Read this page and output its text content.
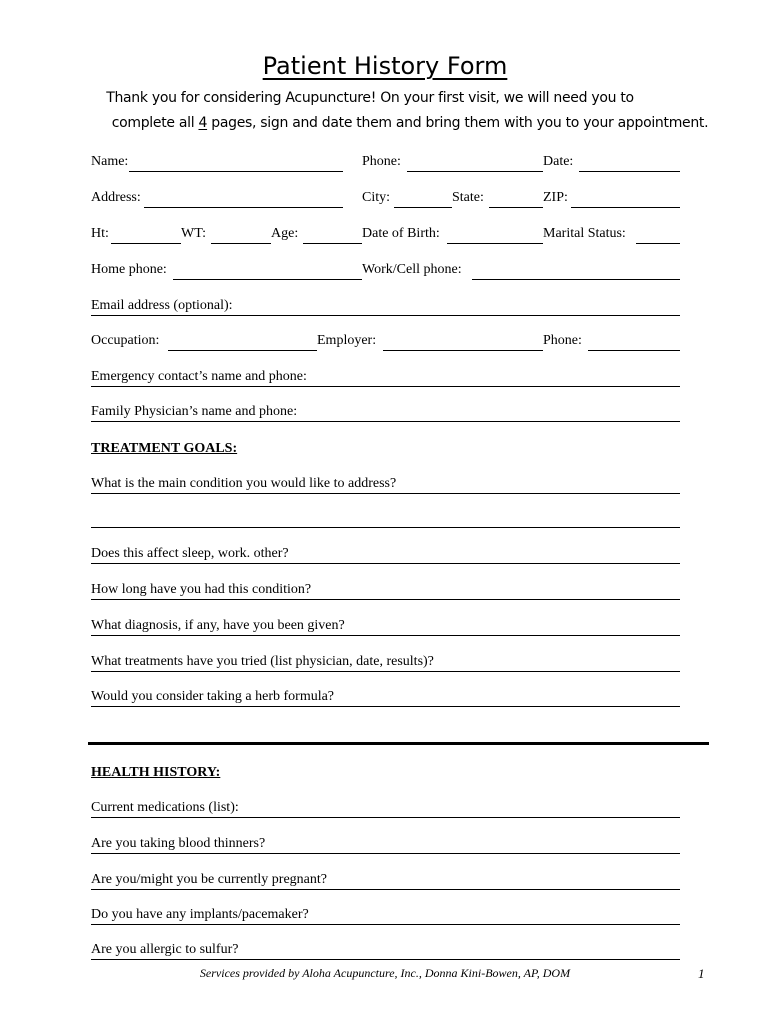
Patient History Form
Thank you for considering Acupuncture! On your first visit, we will need you to
complete all 4 pages, sign and date them and bring them with you to your appointment.
Name:	Phone:	Date:
Address:	City:	State:	ZIP:
Ht:	WT:	Age:	Date of Birth:	Marital Status:
Home phone:	Work/Cell phone:
Email address (optional):
Occupation:	Employer:	Phone:
Emergency contact’s name and phone:
Family Physician’s name and phone:
TREATMENT GOALS:
What is the main condition you would like to address?
Does this affect sleep, work. other?
How long have you had this condition?
What diagnosis, if any, have you been given?
What treatments have you tried (list physician, date, results)?
Would you consider taking a herb formula?
HEALTH HISTORY:
Current medications (list):
Are you taking blood thinners?
Are you/might you be currently pregnant?
Do you have any implants/pacemaker?
Are you allergic to sulfur?
Services provided by Aloha Acupuncture, Inc., Donna Kini-Bowen, AP, DOM	1
